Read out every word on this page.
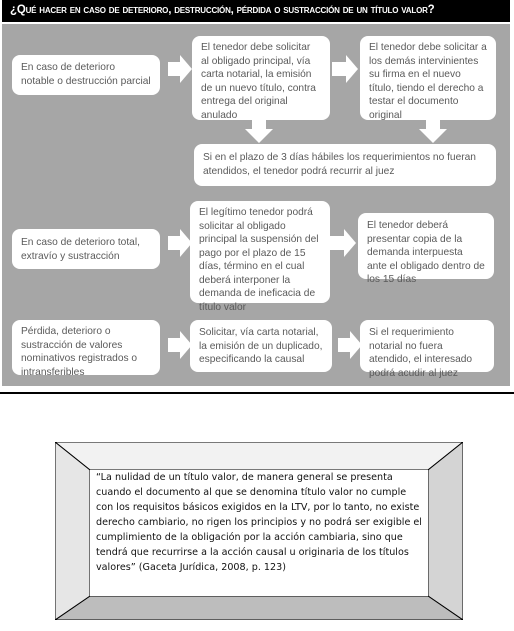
¿Qué hacer en caso de deterioro, destrucción, pérdida o sustracción de un título valor?
En caso de deterioro notable o destrucción parcial
El tenedor debe solicitar al obligado principal, vía carta notarial, la emisión de un nuevo título, contra entrega del original anulado
El tenedor debe solicitar a los demás intervinientes su firma en el nuevo título, tiendo el derecho a testar el documento original
Si en el plazo de 3 días hábiles los requerimientos no fueran atendidos, el tenedor podrá recurrir al juez
En caso de deterioro total, extravío y sustracción
El legítimo tenedor podrá solicitar al obligado principal la suspensión del pago por el plazo de 15 días, término en el cual deberá interponer la demanda de ineficacia de título valor
El tenedor deberá presentar copia de la demanda interpuesta ante el obligado dentro de los 15 días
Pérdida, deterioro o sustracción de valores nominativos registrados o intransferibles
Solicitar, vía carta notarial, la emisión de un duplicado, especificando la causal
Si el requerimiento notarial no fuera atendido, el interesado podrá acudir al juez
“La nulidad de un título valor, de manera general se presenta cuando el documento al que se denomina título valor no cumple con los requisitos básicos exigidos en la LTV, por lo tanto, no existe derecho cambiario, no rigen los principios y no podrá ser exigible el cumplimiento de la obligación por la acción cambiaria, sino que tendrá que recurrirse a la acción causal u originaria de los títulos valores” (Gaceta Jurídica, 2008, p. 123)
